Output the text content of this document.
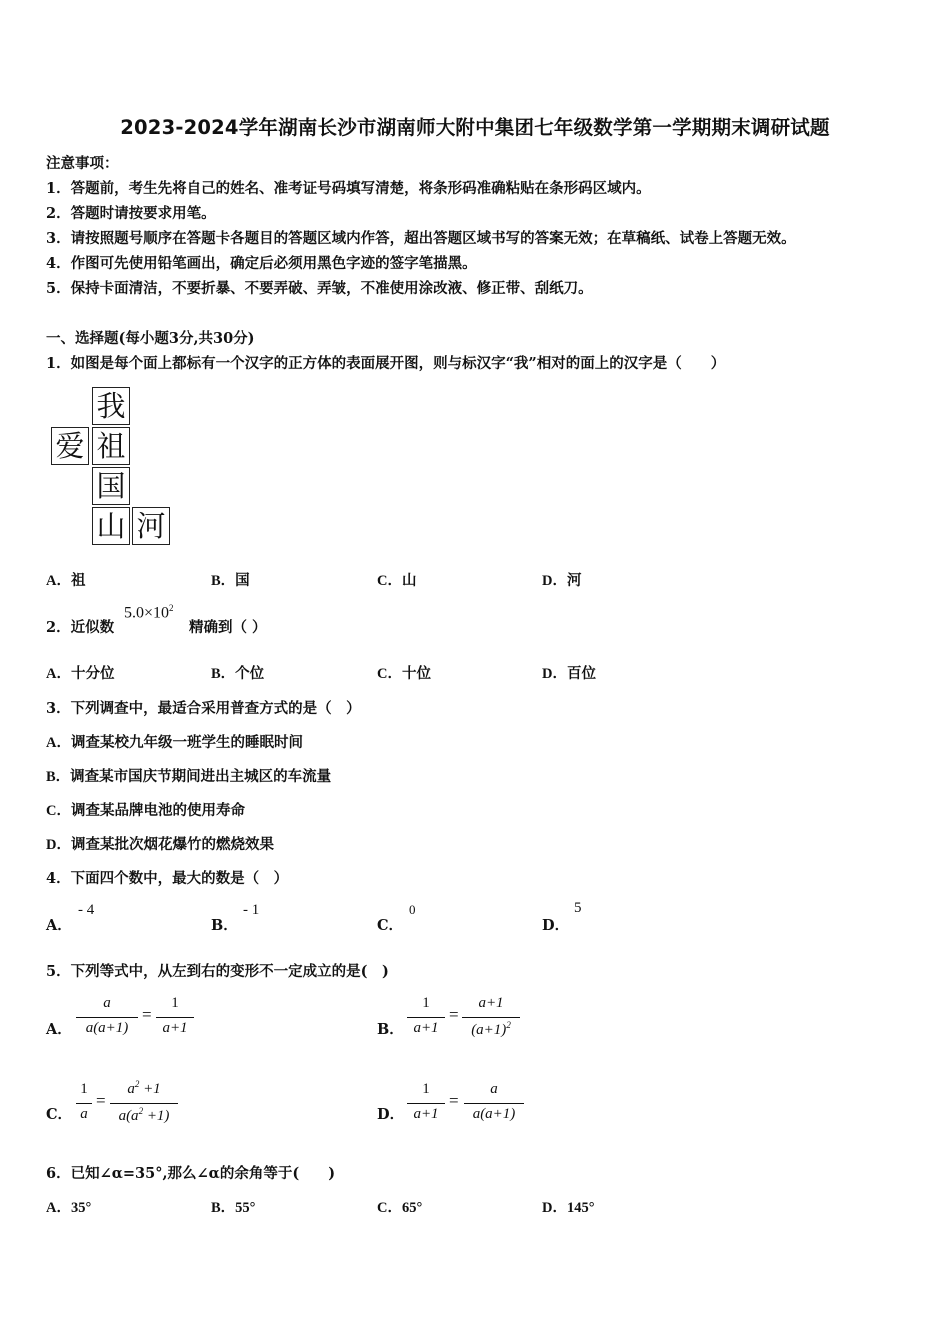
2023-2024学年湖南长沙市湖南师大附中集团七年级数学第一学期期末调研试题
注意事项：
1．答题前，考生先将自己的姓名、准考证号码填写清楚，将条形码准确粘贴在条形码区域内。
2．答题时请按要求用笔。
3．请按照题号顺序在答题卡各题目的答题区域内作答，超出答题区域书写的答案无效；在草稿纸、试卷上答题无效。
4．作图可先使用铅笔画出，确定后必须用黑色字迹的签字笔描黑。
5．保持卡面清洁，不要折暴、不要弄破、弄皱，不准使用涂改液、修正带、刮纸刀。
一、选择题(每小题3分,共30分)
1．如图是每个面上都标有一个汉字的正方体的表面展开图，则与标汉字“我”相对的面上的汉字是（　　）
我
爱 祖
国
山 河
A．祖	B．国	C．山	D．河
2．近似数
$5.0\times 10^2$
精确到（ ）
A．十分位	B．个位	C．十位	D．百位
3．下列调查中，最适合采用普查方式的是（　）
A．调查某校九年级一班学生的睡眠时间
B．调查某市国庆节期间进出主城区的车流量
C．调查某品牌电池的使用寿命
D．调查某批次烟花爆竹的燃烧效果
4．下面四个数中，最大的数是（　）
A．
- 4
B．
- 1
C．
0
D．
5
5．下列等式中，从左到右的变形不一定成立的是(　)
A．
a
a(a+1)
=
1
a+1	B．
1
a+1
=
a+1
$(a+1)^2$
C．
1
a
=
$a^2 +1$
$a(a^2 +1)$	D．
1
a+1
=
a
a(a+1)
6．已知∠α=35°,那么∠α的余角等于(　　)
A．35°	B．55°	C．65°	D．145°
